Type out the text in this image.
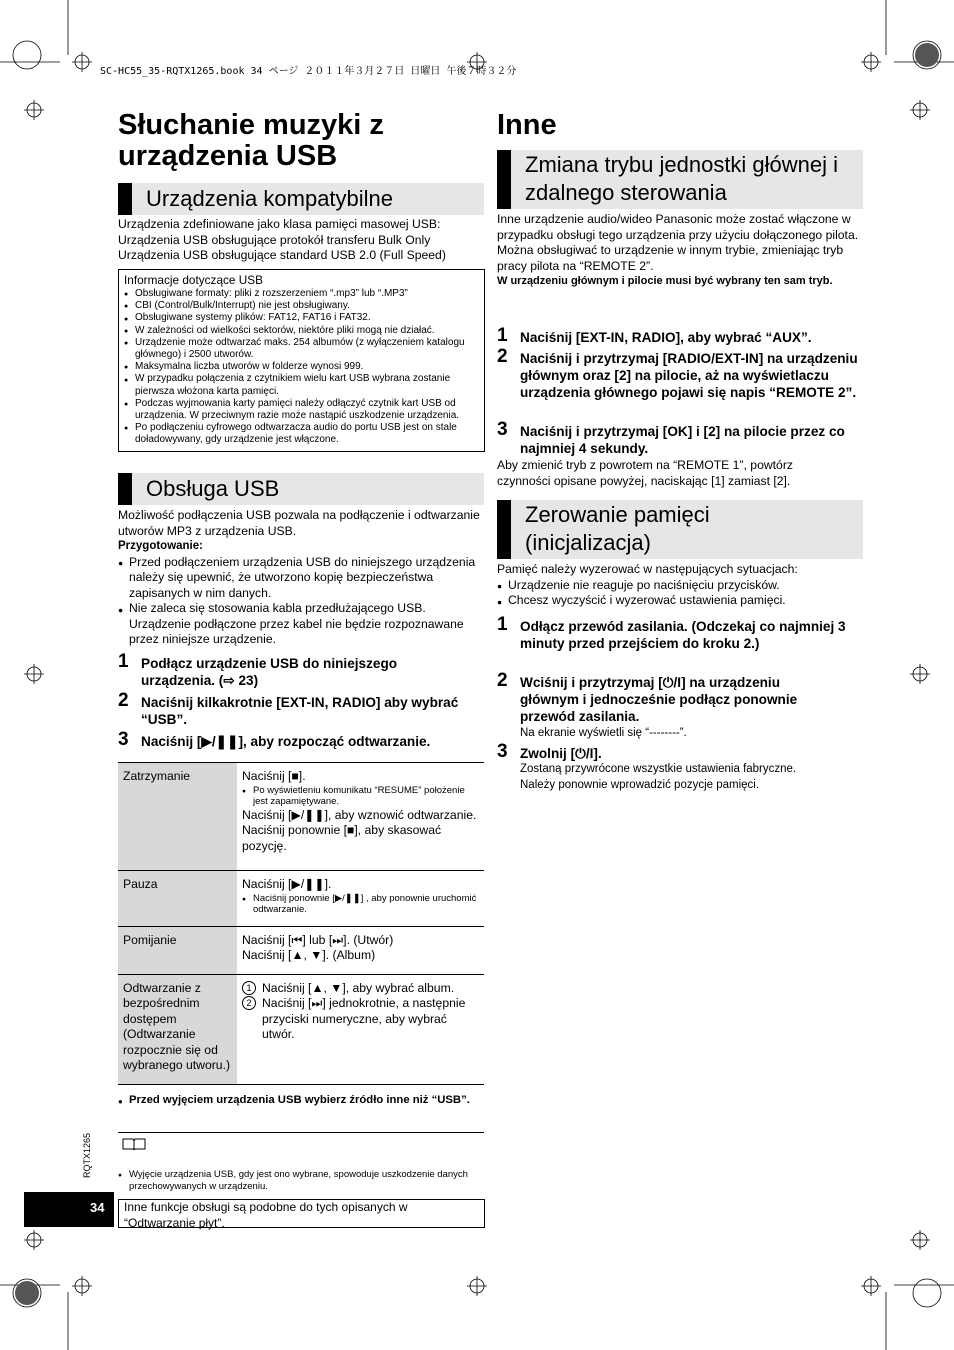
SC-HC55_35-RQTX1265.book 34 ページ ２０１１年３月２７日 日曜日 午後７時３２分
Słuchanie muzyki z
urządzenia USB
Urządzenia kompatybilne
Urządzenia zdefiniowane jako klasa pamięci masowej USB:
Urządzenia USB obsługujące protokół transferu Bulk Only
Urządzenia USB obsługujące standard USB 2.0 (Full Speed)
Informacje dotyczące USB
● Obsługiwane formaty: pliki z rozszerzeniem “.mp3” lub “.MP3”
● CBI (Control/Bulk/Interrupt) nie jest obsługiwany.
● Obsługiwane systemy plików: FAT12, FAT16 i FAT32.
● W zależności od wielkości sektorów, niektóre pliki mogą nie działać.
● Urządzenie może odtwarzać maks. 254 albumów (z wyłączeniem katalogu głównego) i 2500 utworów.
● Maksymalna liczba utworów w folderze wynosi 999.
● W przypadku połączenia z czytnikiem wielu kart USB wybrana zostanie pierwsza włożona karta pamięci.
● Podczas wyjmowania karty pamięci należy odłączyć czytnik kart USB od urządzenia. W przeciwnym razie może nastąpić uszkodzenie urządzenia.
● Po podłączeniu cyfrowego odtwarzacza audio do portu USB jest on stale doładowywany, gdy urządzenie jest włączone.
Obsługa USB
Możliwość podłączenia USB pozwala na podłączenie i odtwarzanie utworów MP3 z urządzenia USB.
Przygotowanie:
● Przed podłączeniem urządzenia USB do niniejszego urządzenia należy się upewnić, że utworzono kopię bezpieczeństwa zapisanych w nim danych.
● Nie zaleca się stosowania kabla przedłużającego USB. Urządzenie podłączone przez kabel nie będzie rozpoznawane przez niniejsze urządzenie.
1 Podłącz urządzenie USB do niniejszego urządzenia. (⇨ 23)
2 Naciśnij kilkakrotnie [EXT-IN, RADIO] aby wybrać “USB”.
3 Naciśnij [▶/❚❚], aby rozpocząć odtwarzanie.
Zatrzymanie	Naciśnij [■].
● Po wyświetleniu komunikatu “RESUME” położenie jest zapamiętywane.
Naciśnij [▶/❚❚], aby wznowić odtwarzanie.
Naciśnij ponownie [■], aby skasować pozycję.

Pauza	Naciśnij [▶/❚❚].
● Naciśnij ponownie [▶/❚❚] , aby ponownie uruchomić odtwarzanie.

Pomijanie	Naciśnij [⏮] lub [⏭]. (Utwór)
Naciśnij [▲, ▼]. (Album)

Odtwarzanie z bezpośrednim dostępem (Odtwarzanie rozpocznie się od wybranego utworu.)	1 Naciśnij [▲, ▼], aby wybrać album.
2 Naciśnij [⏭] jednokrotnie, a następnie przyciski numeryczne, aby wybrać utwór.
● Przed wyjęciem urządzenia USB wybierz źródło inne niż “USB”.
● Wyjęcie urządzenia USB, gdy jest ono wybrane, spowoduje uszkodzenie danych przechowywanych w urządzeniu.
RQTX1265
34	Inne funkcje obsługi są podobne do tych opisanych w “Odtwarzanie płyt”.
Inne
Zmiana trybu jednostki głównej i
zdalnego sterowania
Inne urządzenie audio/wideo Panasonic może zostać włączone w przypadku obsługi tego urządzenia przy użyciu dołączonego pilota.
Można obsługiwać to urządzenie w innym trybie, zmieniając tryb pracy pilota na “REMOTE 2”.
W urządzeniu głównym i pilocie musi być wybrany ten sam tryb.
1 Naciśnij [EXT-IN, RADIO], aby wybrać “AUX”.
2 Naciśnij i przytrzymaj [RADIO/EXT-IN] na urządzeniu głównym oraz [2] na pilocie, aż na wyświetlaczu urządzenia głównego pojawi się napis “REMOTE 2”.
3 Naciśnij i przytrzymaj [OK] i [2] na pilocie przez co najmniej 4 sekundy.
Aby zmienić tryb z powrotem na “REMOTE 1”, powtórz czynności opisane powyżej, naciskając [1] zamiast [2].
Zerowanie pamięci
(inicjalizacja)
Pamięć należy wyzerować w następujących sytuacjach:
● Urządzenie nie reaguje po naciśnięciu przycisków.
● Chcesz wyczyścić i wyzerować ustawienia pamięci.
1 Odłącz przewód zasilania. (Odczekaj co najmniej 3 minuty przed przejściem do kroku 2.)
2 Wciśnij i przytrzymaj [⏻/I] na urządzeniu głównym i jednocześnie podłącz ponownie przewód zasilania.
Na ekranie wyświetli się “--------”.
3 Zwolnij [⏻/I].
Zostaną przywrócone wszystkie ustawienia fabryczne.
Należy ponownie wprowadzić pozycje pamięci.
